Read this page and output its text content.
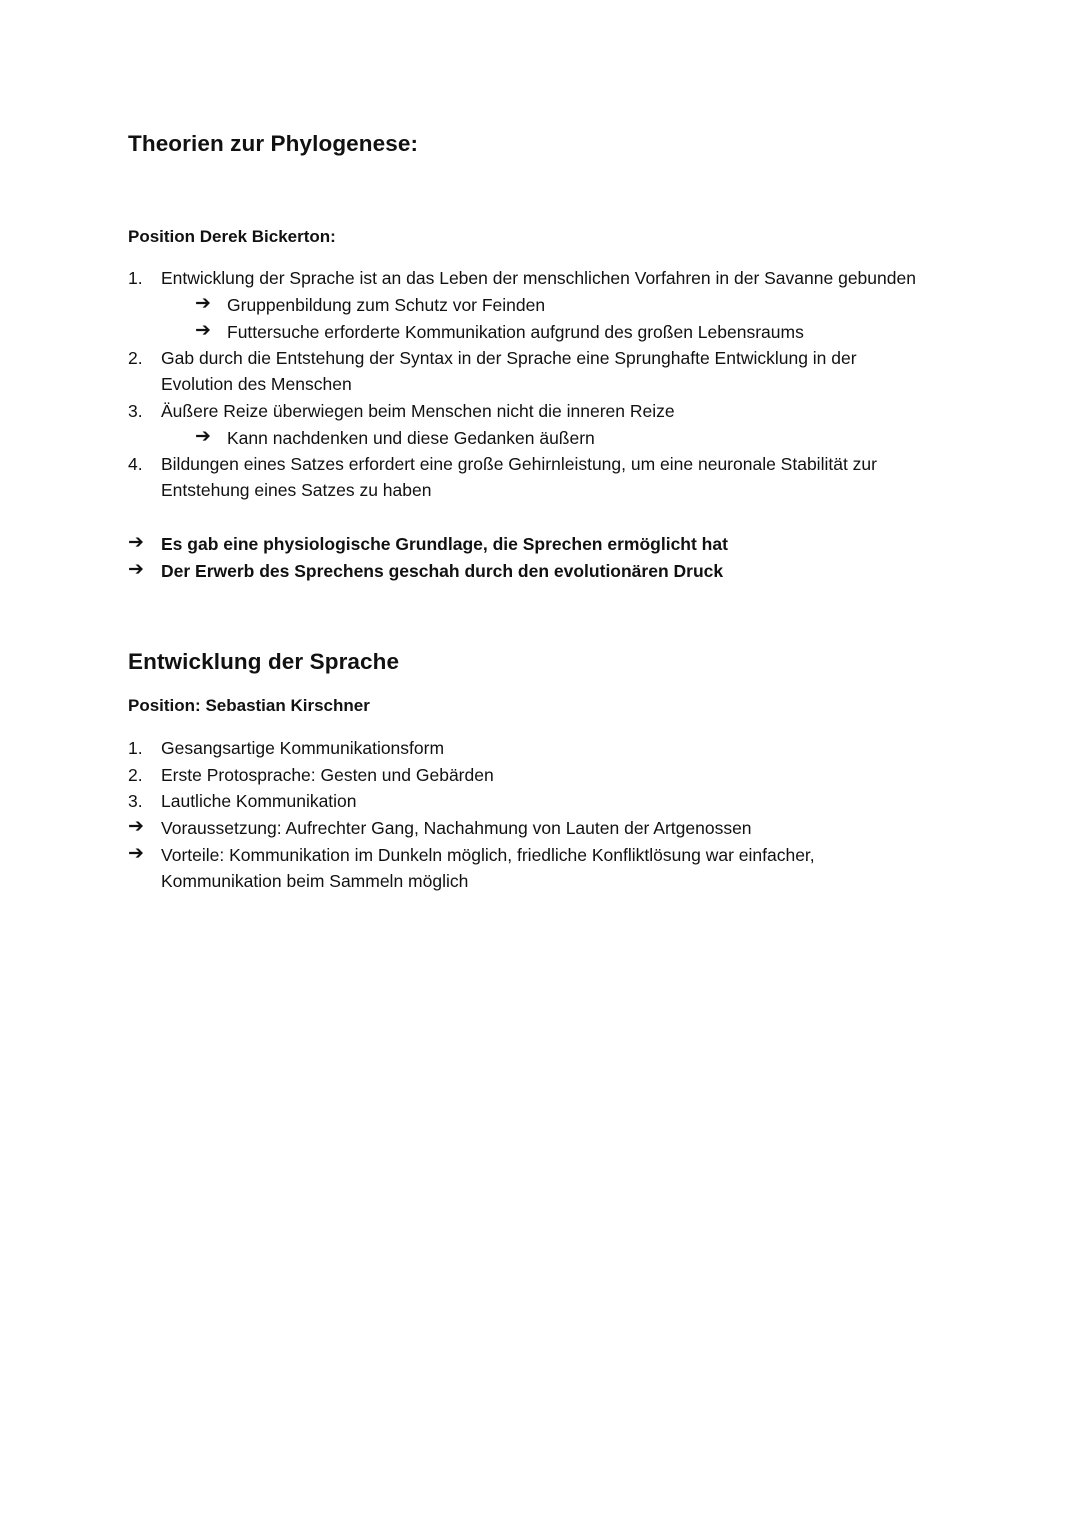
Theorien zur Phylogenese:
Position Derek Bickerton:
1. Entwicklung der Sprache ist an das Leben der menschlichen Vorfahren in der Savanne gebunden
➔ Gruppenbildung zum Schutz vor Feinden
➔ Futtersuche erforderte Kommunikation aufgrund des großen Lebensraums
2. Gab durch die Entstehung der Syntax in der Sprache eine Sprunghafte Entwicklung in der
Evolution des Menschen
3. Äußere Reize überwiegen beim Menschen nicht die inneren Reize
➔ Kann nachdenken und diese Gedanken äußern
4. Bildungen eines Satzes erfordert eine große Gehirnleistung, um eine neuronale Stabilität zur
Entstehung eines Satzes zu haben
➔ Es gab eine physiologische Grundlage, die Sprechen ermöglicht hat
➔ Der Erwerb des Sprechens geschah durch den evolutionären Druck
Entwicklung der Sprache
Position: Sebastian Kirschner
1. Gesangsartige Kommunikationsform
2. Erste Protosprache: Gesten und Gebärden
3. Lautliche Kommunikation
➔ Voraussetzung: Aufrechter Gang, Nachahmung von Lauten der Artgenossen
➔ Vorteile: Kommunikation im Dunkeln möglich, friedliche Konfliktlösung war einfacher,
Kommunikation beim Sammeln möglich
